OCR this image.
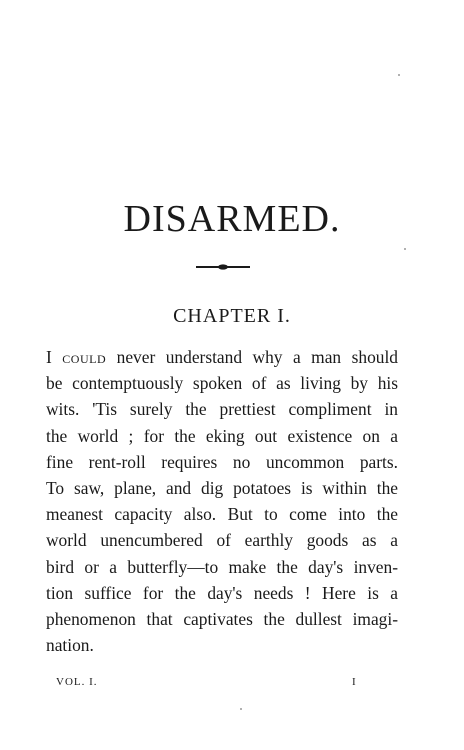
DISARMED.
CHAPTER I.
I could never understand why a man should
be contemptuously spoken of as living by his
wits. 'Tis surely the prettiest compliment in
the world ; for the eking out existence on a
fine rent-roll requires no uncommon parts.
To saw, plane, and dig potatoes is within the
meanest capacity also. But to come into the
world unencumbered of earthly goods as a
bird or a butterfly—to make the day's inven-
tion suffice for the day's needs ! Here is a
phenomenon that captivates the dullest imagi-
nation.
VOL. I.	I
